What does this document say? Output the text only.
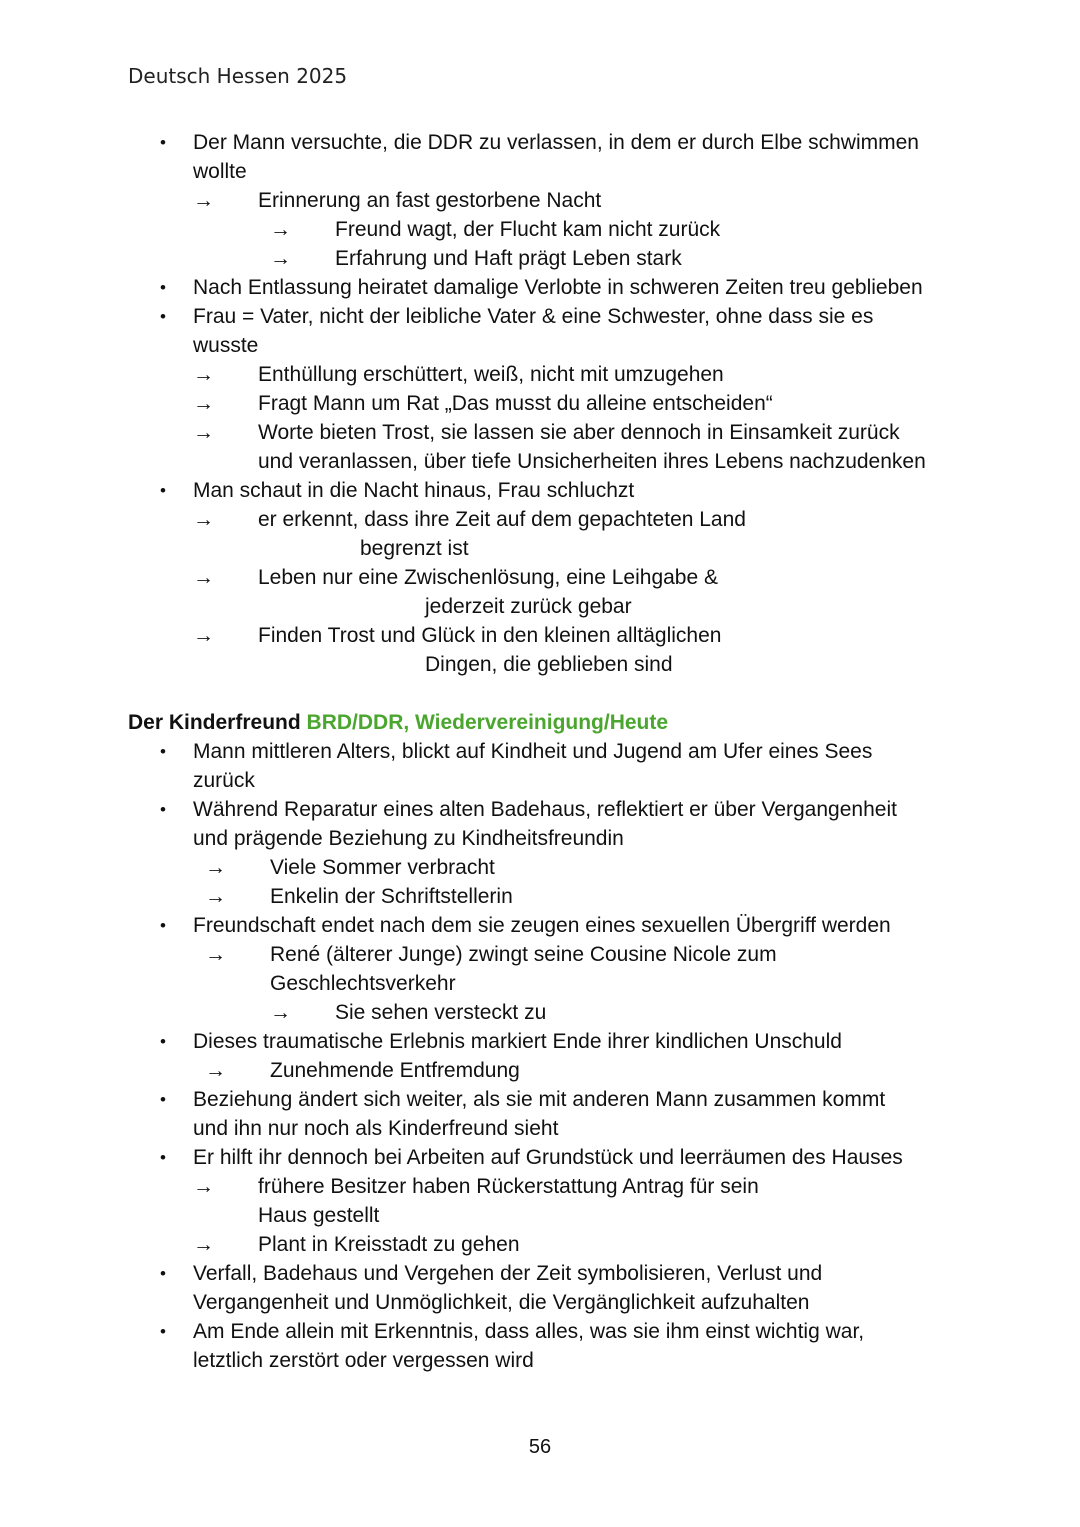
Deutsch Hessen 2025
• Der Mann versuchte, die DDR zu verlassen, in dem er durch Elbe schwimmen
wollte
→ Erinnerung an fast gestorbene Nacht
→ Freund wagt, der Flucht kam nicht zurück
→ Erfahrung und Haft prägt Leben stark
• Nach Entlassung heiratet damalige Verlobte in schweren Zeiten treu geblieben
• Frau = Vater, nicht der leibliche Vater & eine Schwester, ohne dass sie es
wusste
→ Enthüllung erschüttert, weiß, nicht mit umzugehen
→ Fragt Mann um Rat „Das musst du alleine entscheiden“
→ Worte bieten Trost, sie lassen sie aber dennoch in Einsamkeit zurück
und veranlassen, über tiefe Unsicherheiten ihres Lebens nachzudenken
• Man schaut in die Nacht hinaus, Frau schluchzt
→ er erkennt, dass ihre Zeit auf dem gepachteten Land
begrenzt ist
→ Leben nur eine Zwischenlösung, eine Leihgabe &
jederzeit zurück gebar
→ Finden Trost und Glück in den kleinen alltäglichen
Dingen, die geblieben sind
Der Kinderfreund BRD/DDR, Wiedervereinigung/Heute
• Mann mittleren Alters, blickt auf Kindheit und Jugend am Ufer eines Sees
zurück
• Während Reparatur eines alten Badehaus, reflektiert er über Vergangenheit
und prägende Beziehung zu Kindheitsfreundin
→ Viele Sommer verbracht
→ Enkelin der Schriftstellerin
• Freundschaft endet nach dem sie zeugen eines sexuellen Übergriff werden
→ René (älterer Junge) zwingt seine Cousine Nicole zum
Geschlechtsverkehr
→ Sie sehen versteckt zu
• Dieses traumatische Erlebnis markiert Ende ihrer kindlichen Unschuld
→ Zunehmende Entfremdung
• Beziehung ändert sich weiter, als sie mit anderen Mann zusammen kommt
und ihn nur noch als Kinderfreund sieht
• Er hilft ihr dennoch bei Arbeiten auf Grundstück und leerräumen des Hauses
→ frühere Besitzer haben Rückerstattung Antrag für sein
Haus gestellt
→ Plant in Kreisstadt zu gehen
• Verfall, Badehaus und Vergehen der Zeit symbolisieren, Verlust und
Vergangenheit und Unmöglichkeit, die Vergänglichkeit aufzuhalten
• Am Ende allein mit Erkenntnis, dass alles, was sie ihm einst wichtig war,
letztlich zerstört oder vergessen wird
56
